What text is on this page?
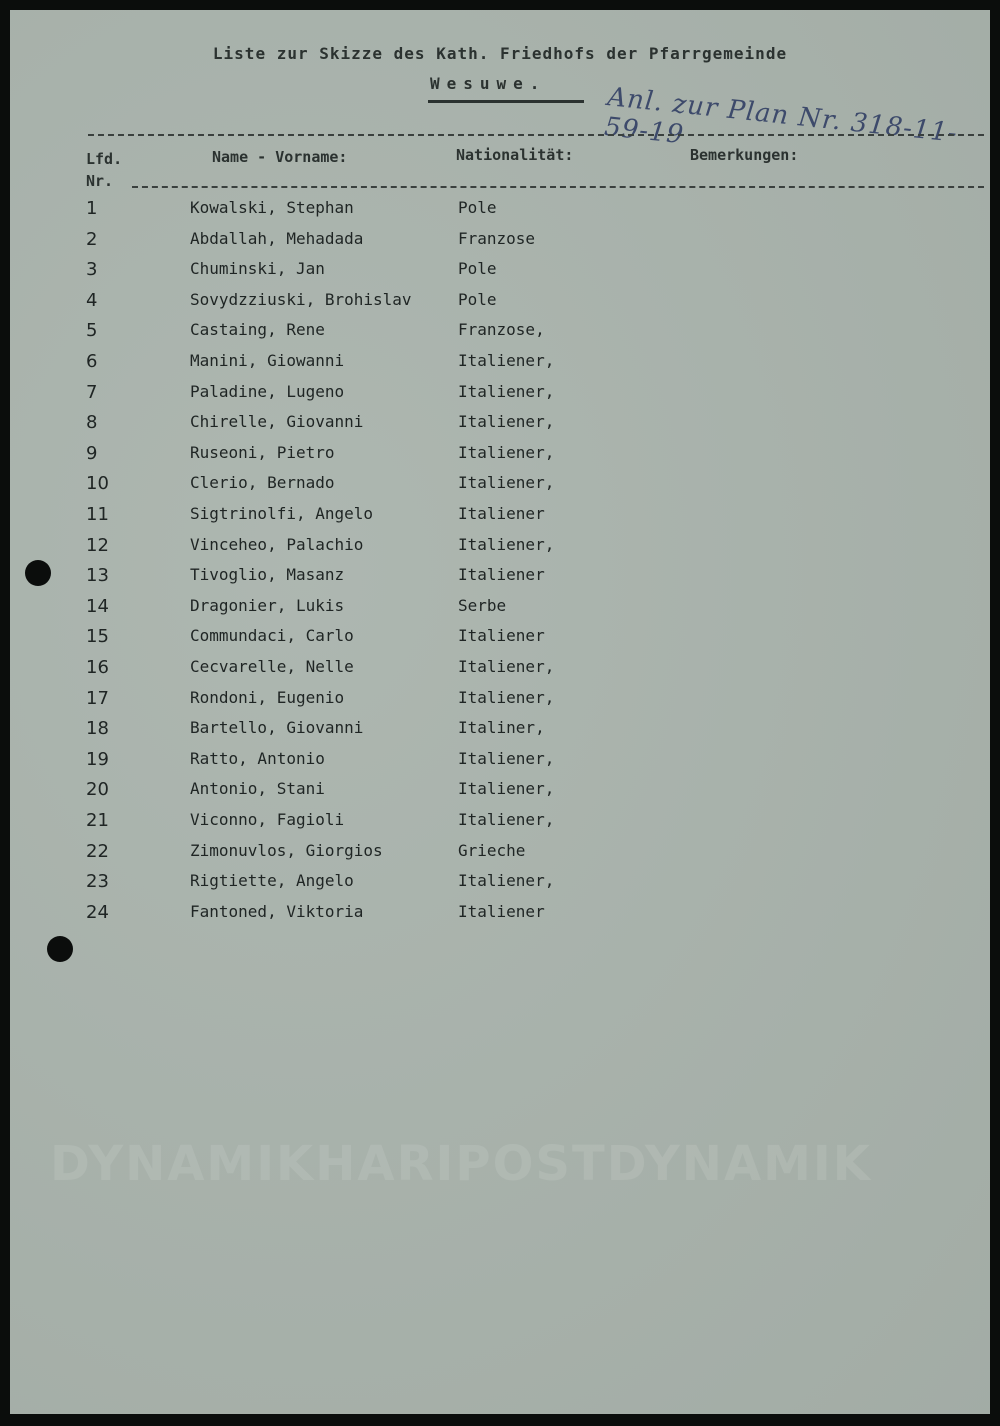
Liste zur Skizze des Kath. Friedhofs der Pfarrgemeinde
Wesuwe. Anl. zur Plan Nr. 318-11-59-19
Lfd. Nr.
Name - Vorname:	Nationalität:	Bemerkungen:
1	Kowalski, Stephan	Pole
2	Abdallah, Mehadada	Franzose
3	Chuminski, Jan	Pole
4	Sovydzziuski, Brohislav	Pole
5	Castaing, Rene	Franzose,
6	Manini, Giowanni	Italiener,
7	Paladine, Lugeno	Italiener,
8	Chirelle, Giovanni	Italiener,
9	Ruseoni, Pietro	Italiener,
10	Clerio, Bernado	Italiener,
11	Sigtrinolfi, Angelo	Italiener
12	Vinceheo, Palachio	Italiener,
13	Tivoglio, Masanz	Italiener
14	Dragonier, Lukis	Serbe
15	Commundaci, Carlo	Italiener
16	Cecvarelle, Nelle	Italiener,
17	Rondoni, Eugenio	Italiener,
18	Bartello, Giovanni	Italiner,
19	Ratto, Antonio	Italiener,
20	Antonio, Stani	Italiener,
21	Viconno, Fagioli	Italiener,
22	Zimonuvlos, Giorgios	Grieche
23	Rigtiette, Angelo	Italiener,
24	Fantoned, Viktoria	Italiener
DYNAMIKHARIPOSTDYNAMIK
